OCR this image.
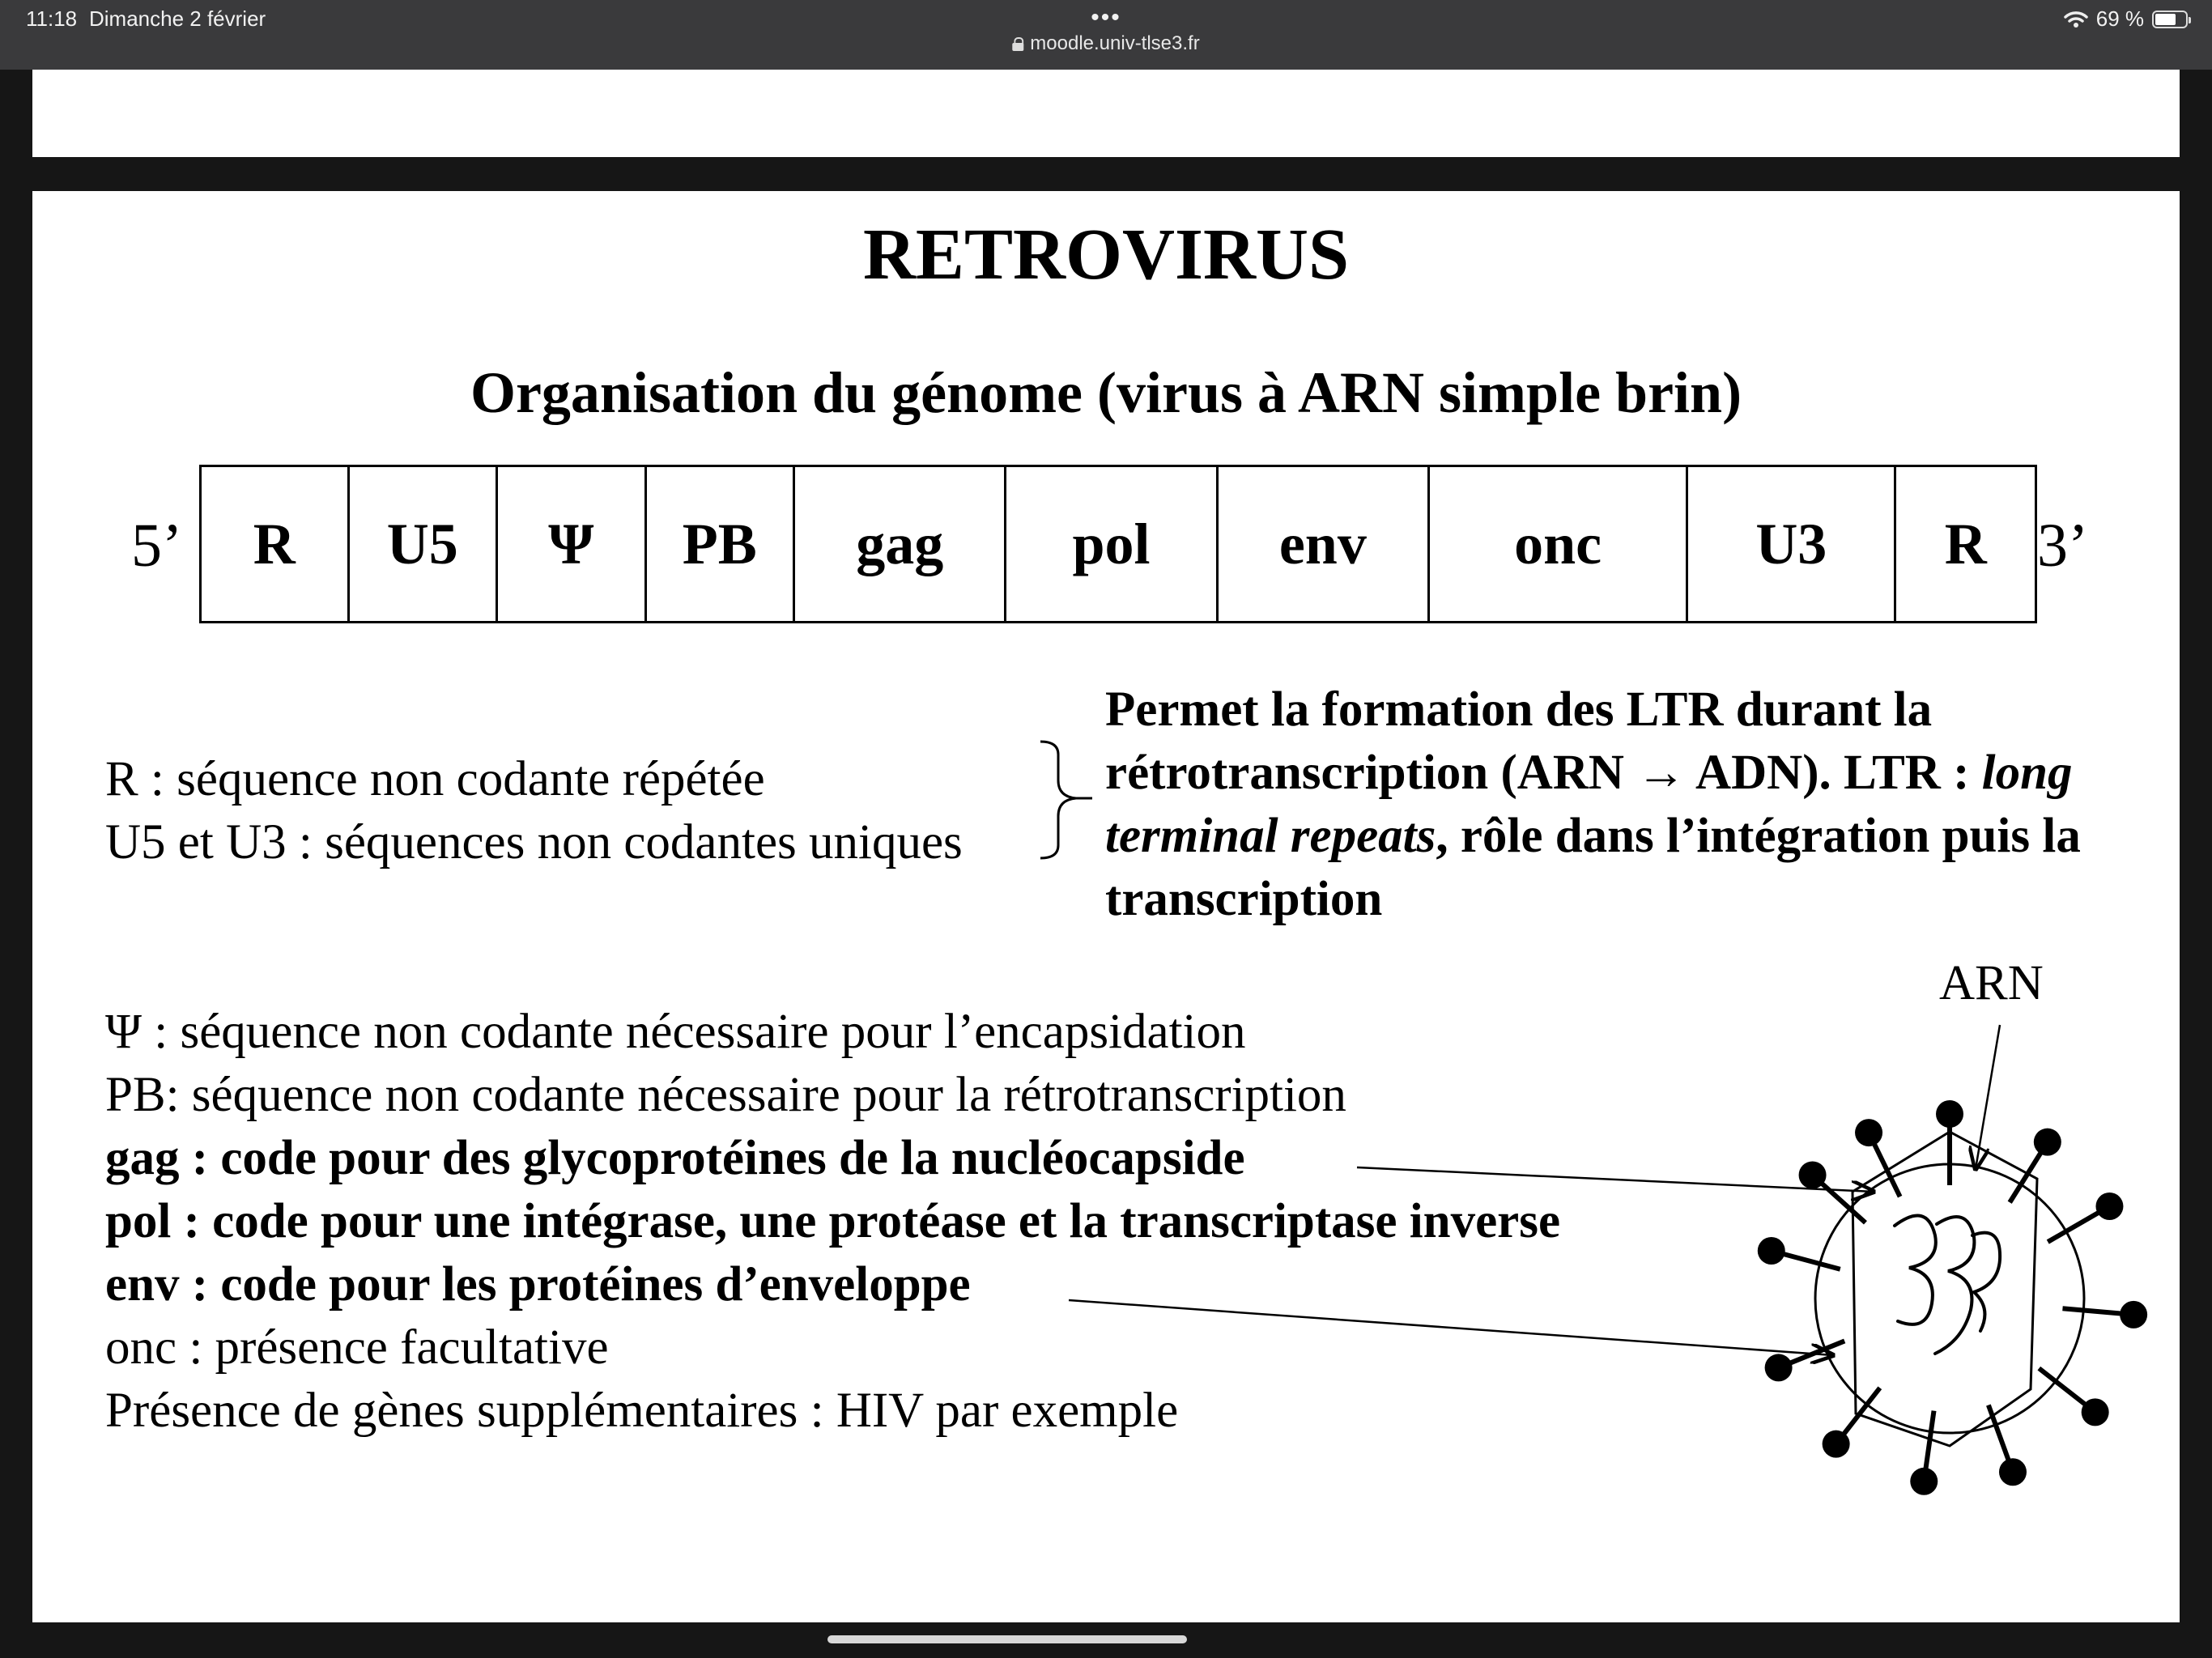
11:18 Dimanche 2 février	•••
moodle.univ-tlse3.fr
69 %
RETROVIRUS
Organisation du génome (virus à ARN simple brin)
5’	R	U5	Ψ	PB	gag	pol	env	onc	U3	R 3’
R : séquence non codante répétée
U5 et U3 : séquences non codantes uniques
Permet la formation des LTR durant la rétrotranscription (ARN → ADN). LTR : long terminal repeats, rôle dans l’intégration puis la transcription
Ψ : séquence non codante nécessaire pour l’encapsidation
PB: séquence non codante nécessaire pour la rétrotranscription
gag : code pour des glycoprotéines de la nucléocapside
pol : code pour une intégrase, une protéase et la transcriptase inverse
env : code pour les protéines d’enveloppe
onc : présence facultative
Présence de gènes supplémentaires : HIV par exemple
ARN
